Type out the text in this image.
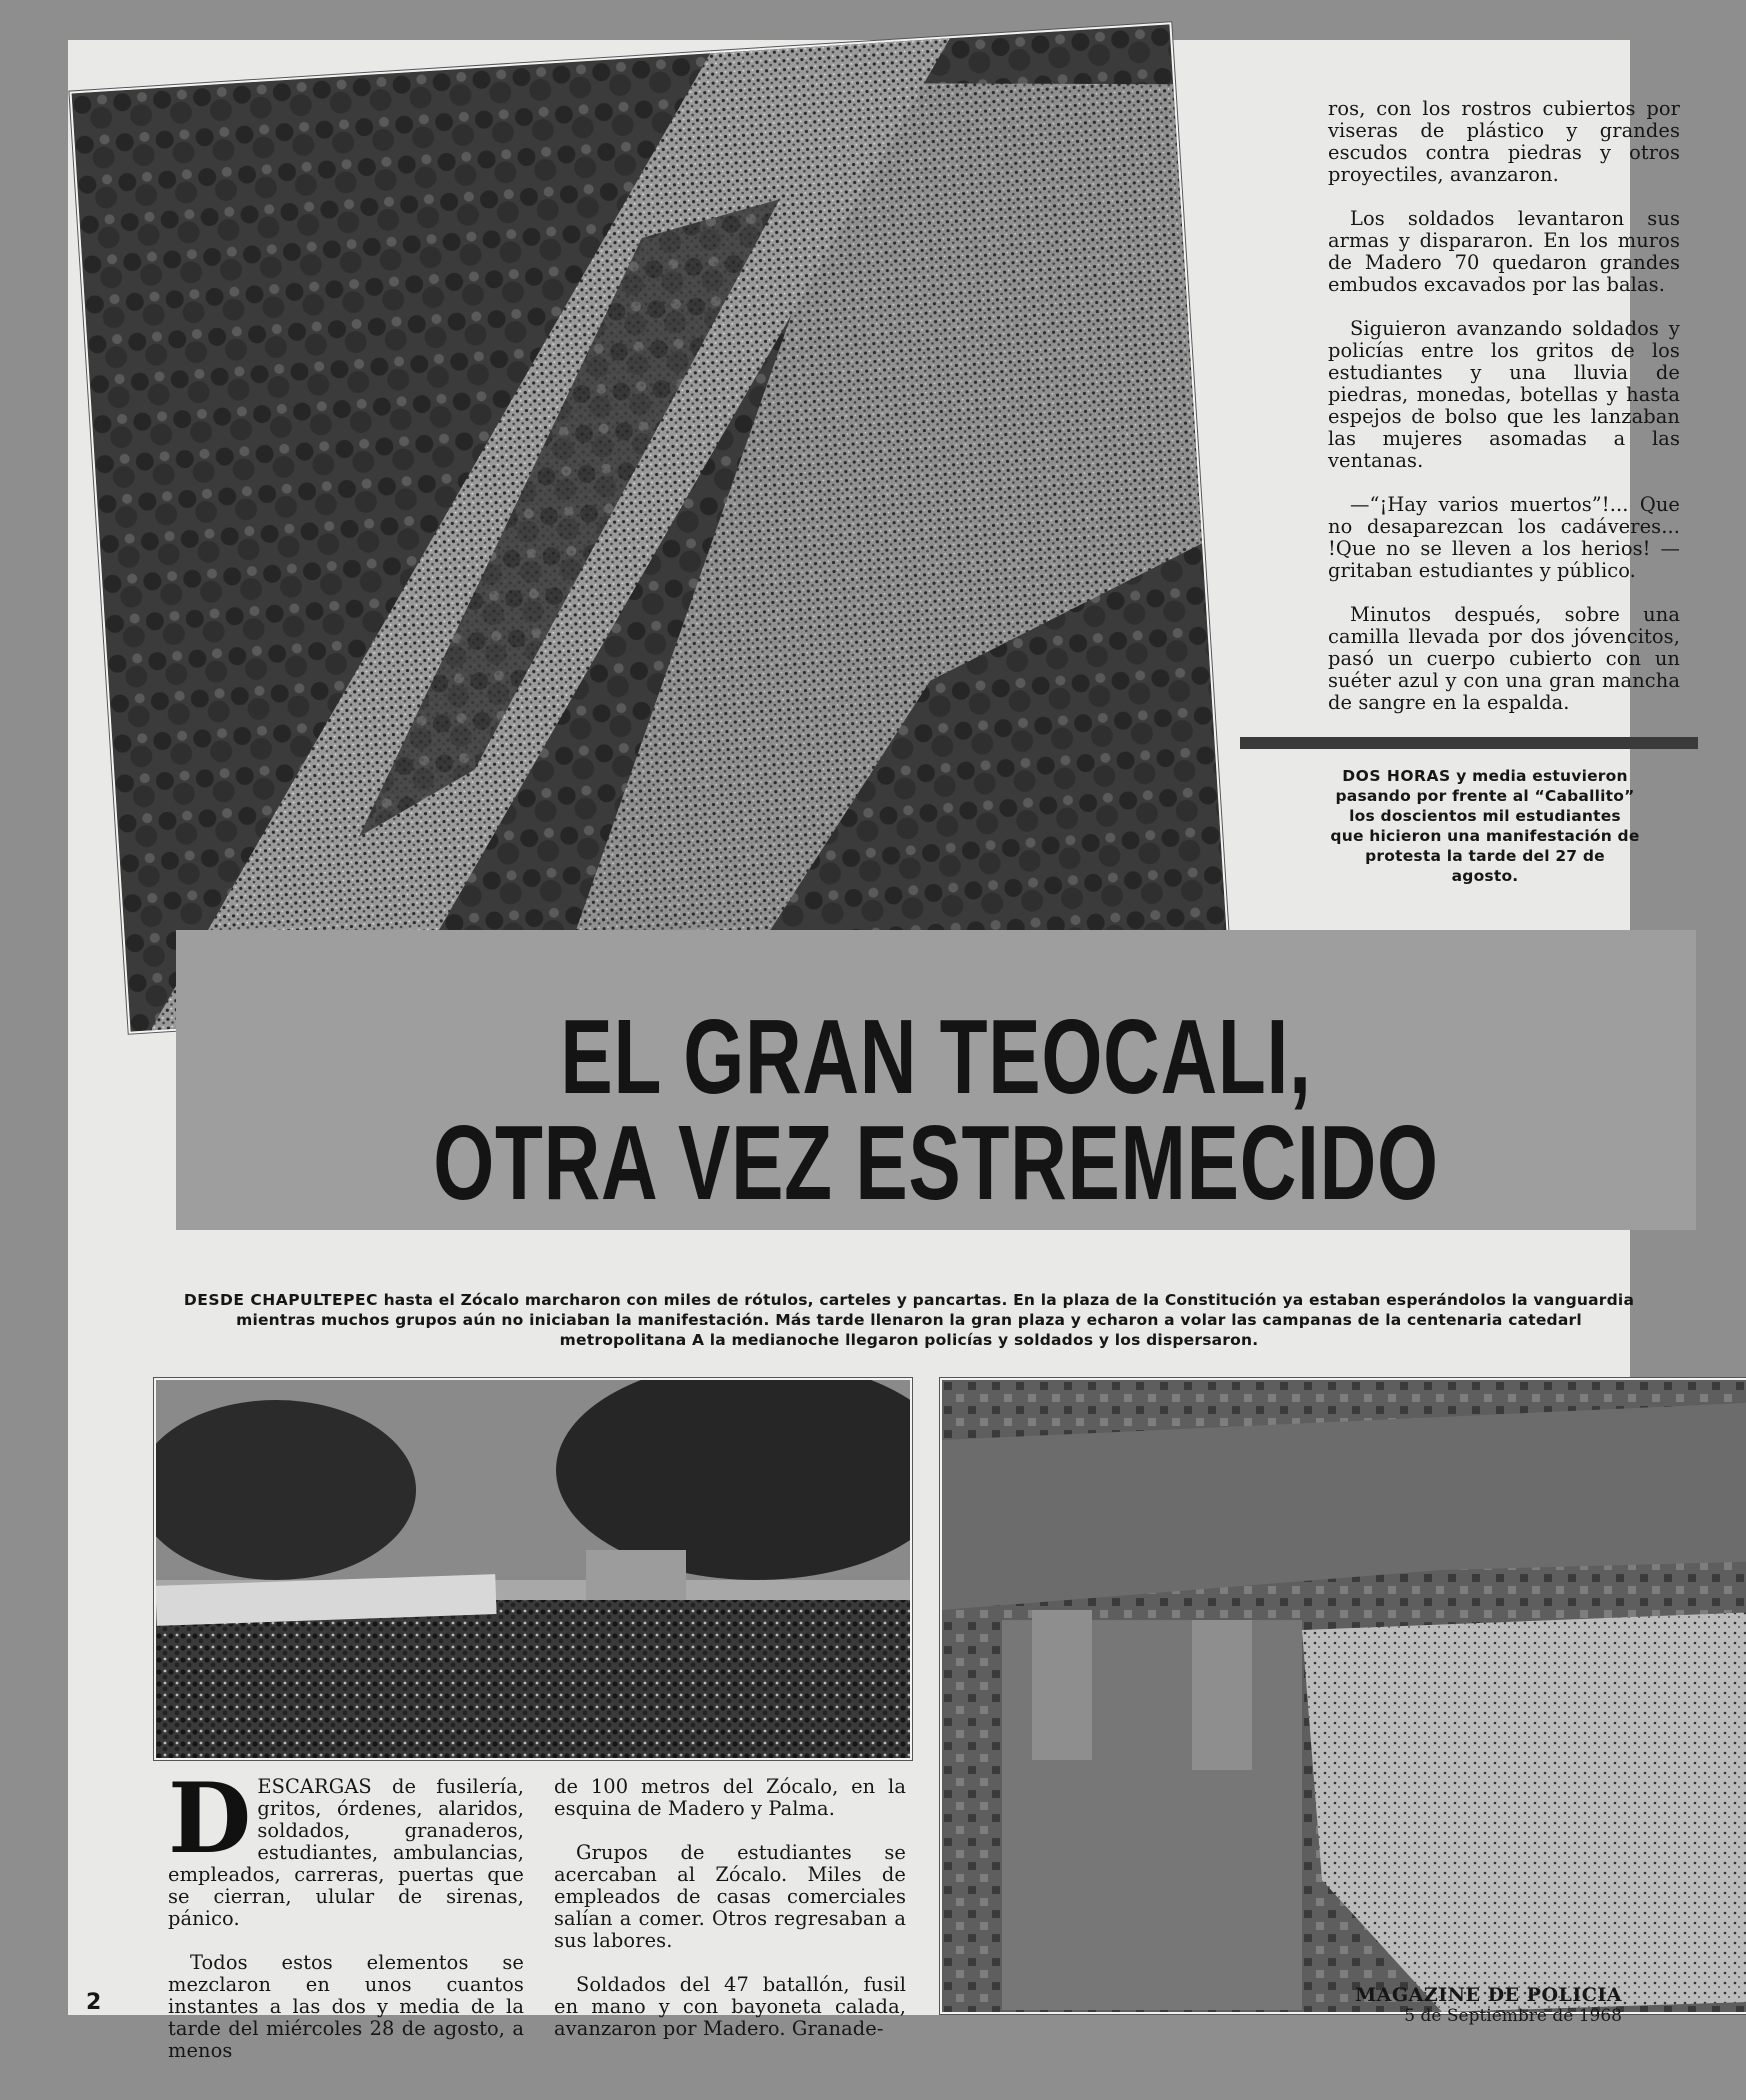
ros, con los rostros cubiertos por viseras de plástico y grandes escudos contra piedras y otros proyectiles, avanzaron.

Los soldados levantaron sus armas y dispararon. En los muros de Madero 70 quedaron grandes embudos excavados por las balas.

Siguieron avanzando soldados y policías entre los gritos de los estudiantes y una lluvia de piedras, monedas, botellas y hasta espejos de bolso que les lanzaban las mujeres asomadas a las ventanas.

—“¡Hay varios muertos”!... Que no desaparezcan los cadáveres... !Que no se lleven a los herios! —gritaban estudiantes y público.

Minutos después, sobre una camilla llevada por dos jóvencitos, pasó un cuerpo cubierto con un suéter azul y con una gran mancha de sangre en la espalda.

DOS HORAS y media estuvieron pasando por frente al “Caballito” los doscientos mil estudiantes que hicieron una manifestación de protesta la tarde del 27 de agosto.
EL GRAN TEOCALI,
OTRA VEZ ESTREMECIDO
DESDE CHAPULTEPEC hasta el Zócalo marcharon con miles de rótulos, carteles y pancartas. En la plaza de la Constitución ya estaban esperándolos la vanguardia mientras muchos grupos aún no iniciaban la manifestación. Más tarde llenaron la gran plaza y echaron a volar las campanas de la centenaria catedarl metropolitana A la medianoche llegaron policías y soldados y los dispersaron.

DESCARGAS de fusilería, gritos, órdenes, alaridos, soldados, granaderos, estudiantes, ambulancias, empleados, carreras, puertas que se cierran, ulular de sirenas, pánico.

Todos estos elementos se mezclaron en unos cuantos instantes a las dos y media de la tarde del miércoles 28 de agosto, a menos

de 100 metros del Zócalo, en la esquina de Madero y Palma.

Grupos de estudiantes se acercaban al Zócalo. Miles de empleados de casas comerciales salían a comer. Otros regresaban a sus labores.

Soldados del 47 batallón, fusil en mano y con bayoneta calada, avanzaron por Madero. Granade-

2	MAGAZINE DE POLICIA
5 de Septiembre de 1968
